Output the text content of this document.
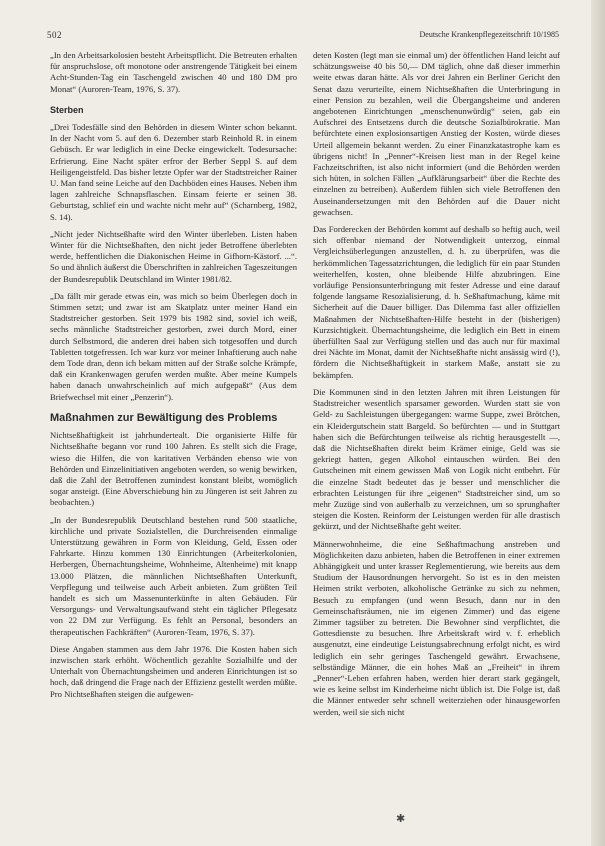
502	Deutsche Krankenpflegezeitschrift 10/1985

„In den Arbeitsarkolosien besteht Arbeitspflicht. Die Betreuten erhalten für anspruchslose, oft monotone oder anstrengende Tätigkeit bei einem Acht-Stunden-Tag ein Taschengeld zwischen 40 und 180 DM pro Monat“ (Auroren-Team, 1976, S. 37).

Sterben

„Drei Todesfälle sind den Behörden in diesem Winter schon bekannt. In der Nacht vom 5. auf den 6. Dezember starb Reinhold R. in einem Gebüsch. Er war lediglich in eine Decke eingewickelt. Todesursache: Erfrierung. Eine Nacht später erfror der Berber Seppl S. auf dem Heiligengeistfeld. Das bisher letzte Opfer war der Stadtstreicher Rainer U. Man fand seine Leiche auf den Dachböden eines Hauses. Neben ihm lagen zahlreiche Schnapsflaschen. Einsam feierte er seinen 38. Geburtstag, schlief ein und wachte nicht mehr auf“ (Scharnberg, 1982, S. 14).

„Nicht jeder Nichtseßhafte wird den Winter überleben. Listen haben Winter für die Nichtseßhaften, den nicht jeder Betroffene überlebten werde, heffentlichen die Diakonischen Heime in Gifhorn-Kästorf. ...“. So und ähnlich äußerst die Überschriften in zahlreichen Tageszeitungen der Bundesrepublik Deutschland im Winter 1981/82.

„Da fällt mir gerade etwas ein, was mich so beim Überlegen doch in Stimmen setzt; und zwar ist am Skatplatz unter meiner Hand ein Stadtstreicher gestorben. Seit 1979 bis 1982 sind, soviel ich weiß, sechs männliche Stadtstreicher gestorben, zwei durch Mord, einer durch Selbstmord, die anderen drei haben sich totgesoffen und durch Tabletten totgefressen. Ich war kurz vor meiner Inhaftierung auch nahe dem Tode dran, denn ich bekam mitten auf der Straße solche Krämpfe, daß ein Krankenwagen gerufen werden mußte. Aber meine Kumpels haben danach unwahrscheinlich auf mich aufgepaßt“ (Aus dem Briefwechsel mit einer „Penzerin“).

Maßnahmen zur Bewältigung des Problems

Nichtseßhaftigkeit ist jahrhundertealt. Die organisierte Hilfe für Nichtseßhafte begann vor rund 100 Jahren. Es stellt sich die Frage, wieso die Hilfen, die von karitativen Verbänden ebenso wie von Behörden und Einzelinitiativen angeboten werden, so wenig bewirken, daß die Zahl der Betroffenen zumindest konstant bleibt, womöglich sogar ansteigt. (Eine Abverschiebung hin zu Jüngeren ist seit Jahren zu beobachten.)

„In der Bundesrepublik Deutschland bestehen rund 500 staatliche, kirchliche und private Sozialstellen, die Durchreisenden einmalige Unterstützung gewähren in Form von Kleidung, Geld, Essen oder Fahrkarte. Hinzu kommen 130 Einrichtungen (Arbeiterkolonien, Herbergen, Übernachtungsheime, Wohnheime, Altenheime) mit knapp 13.000 Plätzen, die männlichen Nichtseßhaften Unterkunft, Verpflegung und teilweise auch Arbeit anbieten. Zum größten Teil handelt es sich um Massenunterkünfte in alten Gebäuden. Für Versorgungs- und Verwaltungsaufwand steht ein täglicher Pflegesatz von 22 DM zur Verfügung. Es fehlt an Personal, besonders an therapeutischen Fachkräften“ (Auroren-Team, 1976, S. 37).

Diese Angaben stammen aus dem Jahr 1976. Die Kosten haben sich inzwischen stark erhöht. Wöchentlich gezahlte Sozialhilfe und der Unterhalt von Übernachtungsheimen und anderen Einrichtungen ist so hoch, daß dringend die Frage nach der Effizienz gestellt werden müßte. Pro Nichtseßhaften steigen die aufgewen-

deten Kosten (legt man sie einmal um) der öffentlichen Hand leicht auf schätzungsweise 40 bis 50,— DM täglich, ohne daß dieser immerhin weite etwas daran hätte. Als vor drei Jahren ein Berliner Gericht den Senat dazu verurteilte, einem Nichtseßhaften die Unterbringung in einer Pension zu bezahlen, weil die Übergangsheime und anderen angebotenen Einrichtungen „menschenunwürdig“ seien, gab ein Aufschrei des Entsetzens durch die deutsche Sozialbürokratie. Man befürchtete einen explosionsartigen Anstieg der Kosten, würde dieses Urteil allgemein bekannt werden. Zu einer Finanzkatastrophe kam es übrigens nicht! In „Penner“-Kreisen liest man in der Regel keine Fachzeitschriften, ist also nicht informiert (und die Behörden werden sich hüten, in solchen Fällen „Aufklärungsarbeit“ über die Rechte des einzelnen zu betreiben). Außerdem fühlen sich viele Betroffenen den Auseinandersetzungen mit den Behörden auf die Dauer nicht gewachsen.

Das Forderecken der Behörden kommt auf deshalb so heftig auch, weil sich offenbar niemand der Notwendigkeit unterzog, einmal Vergleichsüberlegungen anzustellen, d. h. zu überprüfen, was die herkömmlichen Tagessatzrichtungen, die lediglich für ein paar Stunden weiterhelfen, kosten, ohne bleibende Hilfe abzubringen. Eine vorläufige Pensionsunterbringung mit fester Adresse und eine darauf folgende langsame Resozialisierung, d. h. Seßhaftmachung, käme mit Sicherheit auf die Dauer billiger. Das Dilemma fast aller offiziellen Maßnahmen der Nichtseßhaften-Hilfe besteht in der (bisherigen) Kurzsichtigkeit. Übernachtungsheime, die lediglich ein Bett in einem überfüllten Saal zur Verfügung stellen und das auch nur für maximal drei Nächte im Monat, damit der Nichtseßhafte nicht ansässig wird (!), fördern die Nichtseßhaftigkeit in starkem Maße, anstatt sie zu bekämpfen.

Die Kommunen sind in den letzten Jahren mit ihren Leistungen für Stadtstreicher wesentlich sparsamer geworden. Wurden statt sie von Geld- zu Sachleistungen übergegangen: warme Suppe, zwei Brötchen, ein Kleidergutschein statt Bargeld. So befürchten — und in Stuttgart haben sich die Befürchtungen teilweise als richtig herausgestellt —, daß die Nichtseßhaften direkt beim Krämer einige, Geld was sie gekriegt hatten, gegen Alkohol eintauschen würden. Bei den Gutscheinen mit einem gewissen Maß von Logik nicht entbehrt. Für die einzelne Stadt bedeutet das je besser und menschlicher die erbrachten Leistungen für ihre „eigenen“ Stadtstreicher sind, um so mehr Zuzüge sind von außerhalb zu verzeichnen, um so sprunghafter steigen die Kosten. Reinform der Leistungen werden für alle drastisch gekürzt, und der Nichtseßhafte geht weiter.

Männerwohnheime, die eine Seßhaftmachung anstreben und Möglichkeiten dazu anbieten, haben die Betroffenen in einer extremen Abhängigkeit und unter krasser Reglementierung, wie bereits aus dem Studium der Hausordnungen hervorgeht. So ist es in den meisten Heimen strikt verboten, alkoholische Getränke zu sich zu nehmen, Besuch zu empfangen (und wenn Besuch, dann nur in den Gemeinschaftsräumen, nie im eigenen Zimmer) und das eigene Zimmer tagsüber zu betreten. Die Bewohner sind verpflichtet, die Gottesdienste zu besuchen. Ihre Arbeitskraft wird v. f. erheblich ausgenutzt, eine eindeutige Leistungsabrechnung erfolgt nicht, es wird lediglich ein sehr geringes Taschengeld gewährt. Erwachsene, selbständige Männer, die ein hohes Maß an „Freiheit“ in ihrem „Penner“-Leben erfahren haben, werden hier derart stark gegängelt, wie es keine selbst im Kinderheime nicht üblich ist. Die Folge ist, daß die Männer entweder sehr schnell weiterziehen oder hinausgeworfen werden, weil sie sich nicht

✱
